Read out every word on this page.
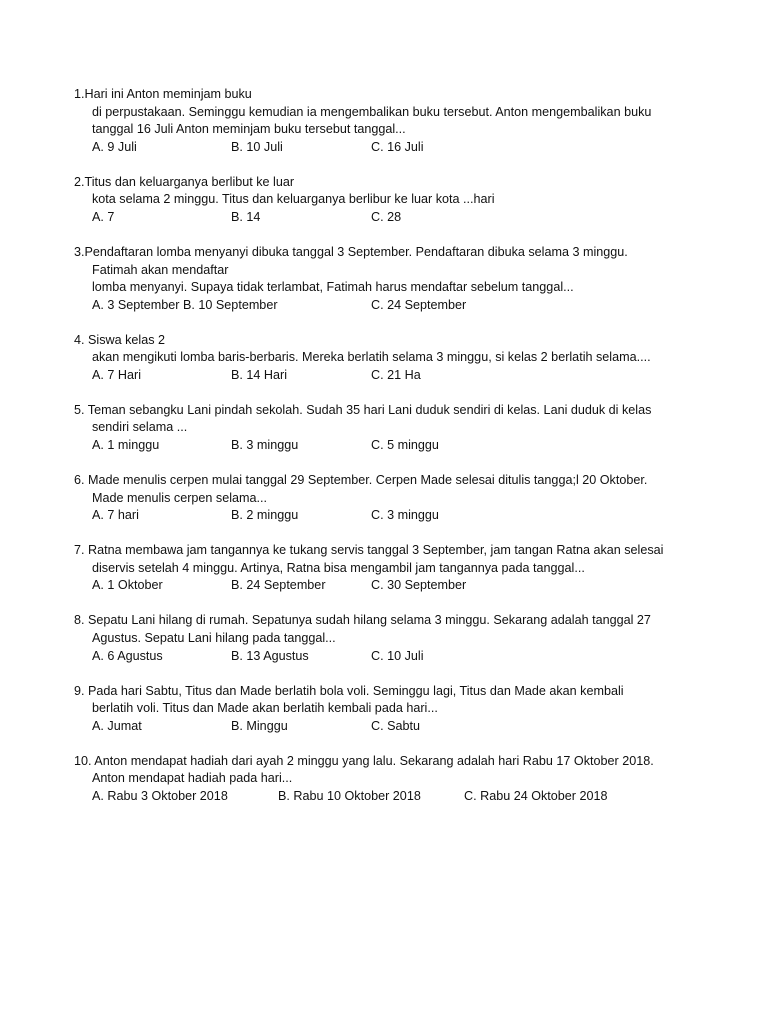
1.Hari ini Anton meminjam buku
di perpustakaan. Seminggu kemudian ia mengembalikan buku tersebut. Anton mengembalikan buku tanggal 16 Juli Anton meminjam buku tersebut tanggal...
A. 9 Juli	B. 10 Juli	C. 16 Juli
2.Titus dan keluarganya berlibut ke luar
kota selama 2 minggu. Titus dan keluarganya berlibur ke luar kota ...hari
A. 7	B. 14	C. 28
3.Pendaftaran lomba menyanyi dibuka tanggal 3 September. Pendaftaran dibuka selama 3 minggu.
Fatimah akan mendaftar
lomba menyanyi. Supaya tidak terlambat, Fatimah harus mendaftar sebelum tanggal...
A. 3 September B. 10 September	C. 24 September
4. Siswa kelas 2
akan mengikuti lomba baris-berbaris. Mereka berlatih selama 3 minggu, si kelas 2 berlatih selama....
A. 7 Hari	B. 14 Hari	C. 21 Ha
5. Teman sebangku Lani pindah sekolah. Sudah 35 hari Lani duduk sendiri di kelas. Lani duduk di kelas
sendiri selama ...
A. 1 minggu	B. 3 minggu	C. 5 minggu
6. Made menulis cerpen mulai tanggal 29 September. Cerpen Made selesai ditulis tangga;l 20 Oktober.
Made menulis cerpen selama...
A. 7 hari	B. 2 minggu	C. 3 minggu
7. Ratna membawa jam tangannya ke tukang servis tanggal 3 September, jam tangan Ratna akan selesai
diservis setelah 4 minggu. Artinya, Ratna bisa mengambil jam tangannya pada tanggal...
A. 1 Oktober	B. 24 September	C. 30 September
8. Sepatu Lani hilang di rumah. Sepatunya sudah hilang selama 3 minggu. Sekarang adalah tanggal 27
Agustus. Sepatu Lani hilang pada tanggal...
A. 6 Agustus	B. 13 Agustus	C. 10 Juli
9. Pada hari Sabtu, Titus dan Made berlatih bola voli. Seminggu lagi, Titus dan Made akan kembali
berlatih voli. Titus dan Made akan berlatih kembali pada hari...
A. Jumat	B. Minggu	C. Sabtu
10. Anton mendapat hadiah dari ayah 2 minggu yang lalu. Sekarang adalah hari Rabu 17 Oktober 2018.
Anton mendapat hadiah pada hari...
A. Rabu 3 Oktober 2018	B. Rabu 10 Oktober 2018	C. Rabu 24 Oktober 2018
